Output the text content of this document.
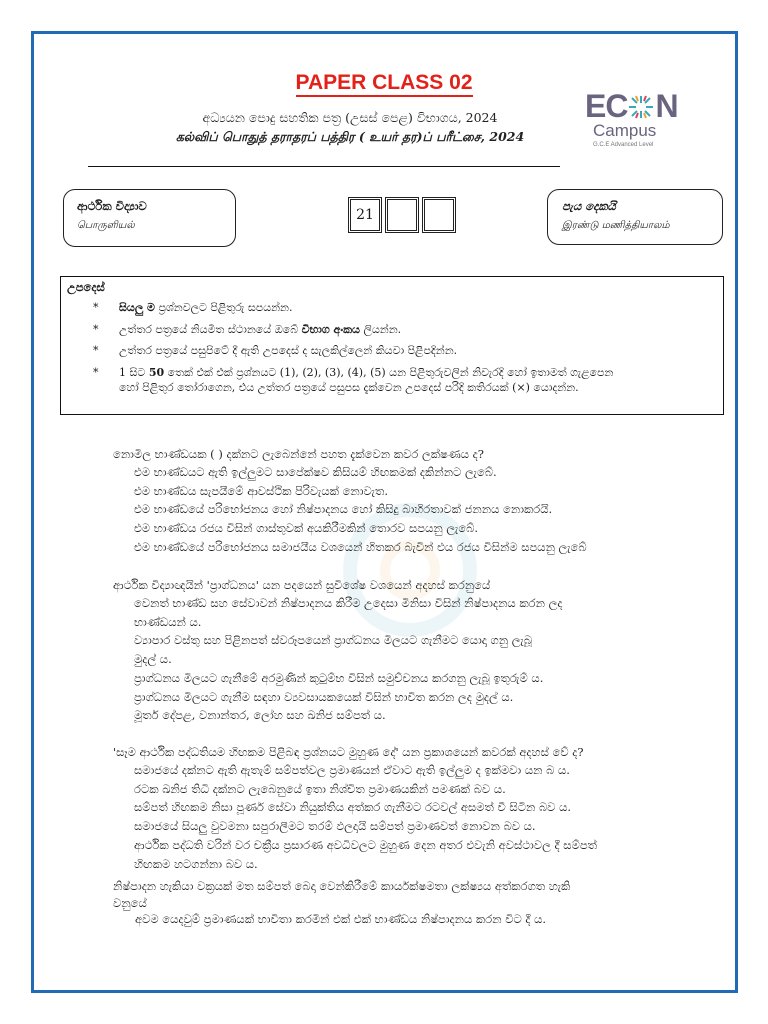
PAPER CLASS 02
අධ්‍යයන පොදු සහතික පත්‍ර (උසස් පෙළ) විභාගය, 2024
கல்விப் பொதுத் தராதரப் பத்திர ( உயர் தர)ப் பரீட்சை, 2024
EC N
Campus
G.C.E Advanced Level
ආර්ථික විද්‍යාව
பொருளியல்
21
පැය දෙකයි
இரண்டு மணித்தியாலம்
උපදෙස්
* සියලු ම ප්‍රශ්නවලට පිළිතුරු සපයන්න.
* උත්තර පත්‍රයේ නියමිත ස්ථානයේ ඔබේ විභාග අංකය ලියන්න.
* උත්තර පත්‍රයේ පසුපිටේ දී ඇති උපදෙස් ද සැලකිල්ලෙන් කියවා පිළිපදින්න.
* 1 සිට 50 තෙක් එක් එක් ප්‍රශ්නයට (1), (2), (3), (4), (5) යන පිළිතුරුවලින් නිවැරදි හෝ ඉතාමත් ගැළපෙන
හෝ පිළිතුර තෝරාගෙන, එය උත්තර පත්‍රයේ පසුපස දැක්වෙන උපදෙස් පරිදි කතිරයක් (×) යොදන්න.
නොමිල භාණ්ඩයක ( ) දක්නට ලැබෙන්නේ පහත දැක්වෙන කවර ලක්ෂණය ද?
එම භාණ්ඩයට ඇති ඉල්ලුමට සාපේක්ෂව කිසියම් හිඟකමක් දකින්නට ලැබේ.
එම භාණ්ඩය සැපයීමේ ආවස්ථික පිරිවැයක් නොවැත.
එම භාණ්ඩයේ පරිභෝජනය හෝ නිෂ්පාදනය හෝ කිසිදු බාහිරතාවක් ජනනය නොකරයි.
එම භාණ්ඩය රජය විසින් ගාස්තුවක් අයකිරීමකින් තොරව සපයනු ලැබේ.
එම භාණ්ඩයේ පරිභෝජනය සමාජයීය වශයෙන් හිතකර බැවින් එය රජය විසින්ම සපයනු ලැබේ
ආර්ථික විද්‍යාඥයින් 'ප්‍රාග්ධනය' යන පදයෙන් සුවිශේෂ වශයෙන් අදහස් කරනුයේ
වෙනත් භාණ්ඩ සහ සේවාවන් නිෂ්පාදනය කිරීම උදෙසා මිනිසා විසින් නිෂ්පාදනය කරන ලද
භාණ්ඩයන් ය.
ව්‍යාපාර වස්තු සහ පිළිනපත් ස්වරූපයෙන් ප්‍රාග්ධනය මිලයට ගැනීමට යොදා ගනු ලැබූ
මුදල් ය.
ප්‍රාග්ධනය මිලයට ගැනීමේ අරමුණින් කුටුම්භ විසින් සමුච්චනය කරගනු ලැබූ ඉතුරුම් ය.
ප්‍රාග්ධනය මිලයට ගැනීම සඳහා ව්‍යවසායකයෙක් විසින් භාවිත කරන ලද මුදල් ය.
මූර්ත දේපළ, වනාන්තර, ලෝහ සහ ඛනිජ සම්පත් ය.
'සෑම ආර්ථික පද්ධතියම හිඟකම පිළිබඳ ප්‍රශ්නයට මුහුණ දේ' යන ප්‍රකාශයෙන් කවරක් අදහස් වේ ද?
සමාජයේ දක්නට ඇති ඇතැම් සම්පත්වල ප්‍රමාණයන් ඒවාට ඇති ඉල්ලුම ද ඉක්මවා යන බ ය.
රටක ඛනිජ තිධි දක්නට ලැබෙනුයේ ඉතා නිශ්චිත ප්‍රමාණයකින් පමණක් බව ය.
සම්පත් හිඟකම නිසා පූර්ණ සේවා නියුක්තිය අත්කර ගැනීමට රටවල් අසමත් වී සිටින බව ය.
සමාජයේ සියලු වුවමනා සපුරාලීමට තරම් ඵලදායි සම්පත් ප්‍රමාණවත් නොවන බව ය.
ආර්ථික පද්ධති වරින් වර චක්‍රීය ප්‍රසාරණ අවධිවලට මුහුණ දෙන අතර එවැනි අවස්ථාවල දී සම්පත්
හිඟකම හටගන්නා බව ය.
නිෂ්පාදන හැකියා වක්‍රයක් මත සම්පත් බෙදා වෙන්කිරීමේ කාර්යක්ෂමතා ලක්ෂ්‍යය අත්කරගත හැකි
වනුයේ
අවම යෙදවුම් ප්‍රමාණයක් භාවිතා කරමින් එක් එක් භාණ්ඩය නිෂ්පාදනය කරන විට දී ය.
